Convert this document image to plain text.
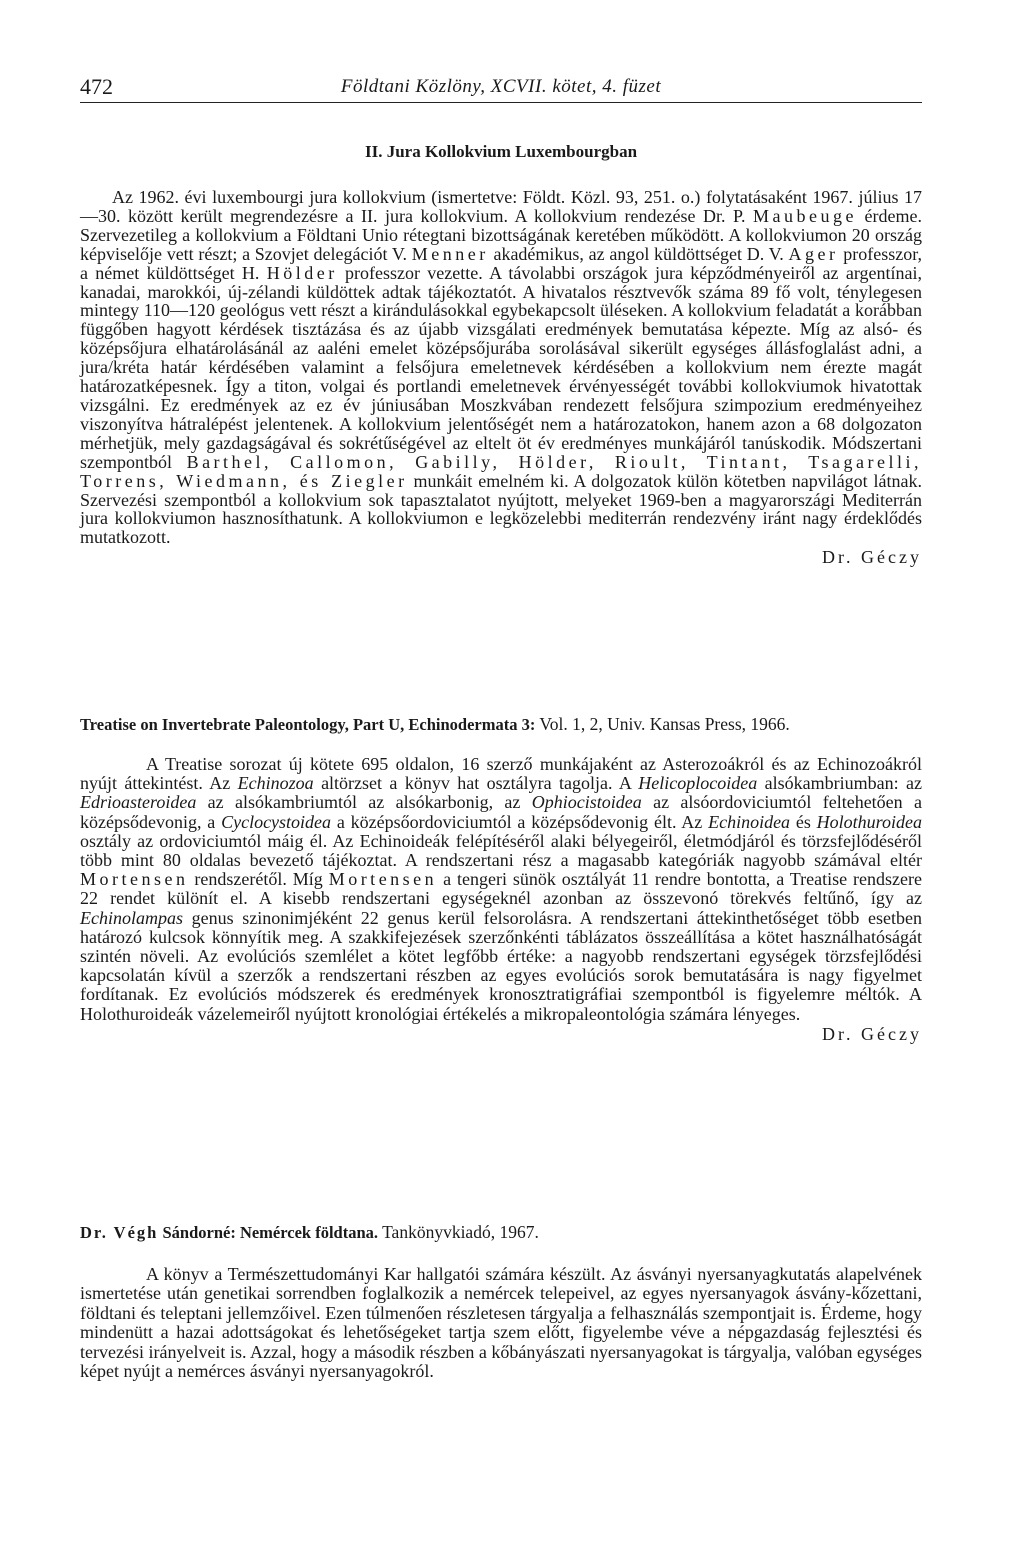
472	Földtani Közlöny, XCVII. kötet, 4. füzet

II. Jura Kollokvium Luxembourgban

Az 1962. évi luxembourgi jura kollokvium (ismertetve: Földt. Közl. 93, 251. o.) folytatásaként 1967. július 17—30. között került megrendezésre a II. jura kollokvium. A kollokvium rendezése Dr. P. Maubeuge érdeme. Szervezetileg a kollokvium a Földtani Unio rétegtani bizottságának keretében működött. A kollokviumon 20 ország képviselője vett részt; a Szovjet delegációt V. Menner akadémikus, az angol küldöttséget D. V. Ager professzor, a német küldöttséget H. Hölder professzor vezette. A távolabbi országok jura képződményeiről az argentínai, kanadai, marokkói, új-zélandi küldöttek adtak tájékoztatót. A hivatalos résztvevők száma 89 fő volt, ténylegesen mintegy 110—120 geológus vett részt a kirándulásokkal egybekapcsolt üléseken. A kollokvium feladatát a korábban függőben hagyott kérdések tisztázása és az újabb vizsgálati eredmények bemutatása képezte. Míg az alsó- és középsőjura elhatárolásánál az aaléni emelet középsőjurába sorolásával sikerült egységes állásfoglalást adni, a jura/kréta határ kérdésében valamint a felsőjura emeletnevek kérdésében a kollokvium nem érezte magát határozatképesnek. Így a titon, volgai és portlandi emeletnevek érvényességét további kollokviumok hivatottak vizsgálni. Ez eredmények az ez év júniusában Moszkvában rendezett felsőjura szimpozium eredményeihez viszonyítva hátralépést jelentenek. A kollokvium jelentőségét nem a határozatokon, hanem azon a 68 dolgozaton mérhetjük, mely gazdagságával és sokrétűségével az eltelt öt év eredményes munkájáról tanúskodik. Módszertani szempontból Barthel, Callomon, Gabilly, Hölder, Rioult, Tintant, Tsagarelli, Torrens, Wiedmann, és Ziegler munkáit emelném ki. A dolgozatok külön kötetben napvilágot látnak. Szervezési szempontból a kollokvium sok tapasztalatot nyújtott, melyeket 1969-ben a magyarországi Mediterrán jura kollokviumon hasznosíthatunk. A kollokviumon e legközelebbi mediterrán rendezvény iránt nagy érdeklődés mutatkozott.

Dr. Géczy

Treatise on Invertebrate Paleontology, Part U, Echinodermata 3: Vol. 1, 2, Univ. Kansas Press, 1966.

A Treatise sorozat új kötete 695 oldalon, 16 szerző munkájaként az Asterozoákról és az Echinozoákról nyújt áttekintést. Az Echinozoa altörzset a könyv hat osztályra tagolja. A Helicoplocoidea alsókambriumban: az Edrioasteroidea az alsókambriumtól az alsókarbonig, az Ophiocistoidea az alsóordoviciumtól feltehetően a középsődevonig, a Cyclocystoidea a középsőordoviciumtól a középsődevonig élt. Az Echinoidea és Holothuroidea osztály az ordoviciumtól máig él. Az Echinoideák felépítéséről alaki bélyegeiről, életmódjáról és törzsfejlődéséről több mint 80 oldalas bevezető tájékoztat. A rendszertani rész a magasabb kategóriák nagyobb számával eltér Mortensen rendszerétől. Míg Mortensen a tengeri sünök osztályát 11 rendre bontotta, a Treatise rendszere 22 rendet különít el. A kisebb rendszertani egységeknél azonban az összevonó törekvés feltűnő, így az Echinolampas genus szinonimjéként 22 genus kerül felsorolásra. A rendszertani áttekinthetőséget több esetben határozó kulcsok könnyítik meg. A szakkifejezések szerzőnkénti táblázatos összeállítása a kötet használhatóságát szintén növeli. Az evolúciós szemlélet a kötet legfőbb értéke: a nagyobb rendszertani egységek törzsfejlődési kapcsolatán kívül a szerzők a rendszertani részben az egyes evolúciós sorok bemutatására is nagy figyelmet fordítanak. Ez evolúciós módszerek és eredmények kronosztratigráfiai szempontból is figyelemre méltók. A Holothuroideák vázelemeiről nyújtott kronológiai értékelés a mikropaleontológia számára lényeges.

Dr. Géczy

Dr. Végh Sándorné: Nemércek földtana. Tankönyvkiadó, 1967.

A könyv a Természettudományi Kar hallgatói számára készült. Az ásványi nyersanyagkutatás alapelvének ismertetése után genetikai sorrendben foglalkozik a nemércek telepeivel, az egyes nyersanyagok ásvány-kőzettani, földtani és teleptani jellemzőivel. Ezen túlmenően részletesen tárgyalja a felhasználás szempontjait is. Érdeme, hogy mindenütt a hazai adottságokat és lehetőségeket tartja szem előtt, figyelembe véve a népgazdaság fejlesztési és tervezési irányelveit is. Azzal, hogy a második részben a kőbányászati nyersanyagokat is tárgyalja, valóban egységes képet nyújt a nemérces ásványi nyersanyagokról.
